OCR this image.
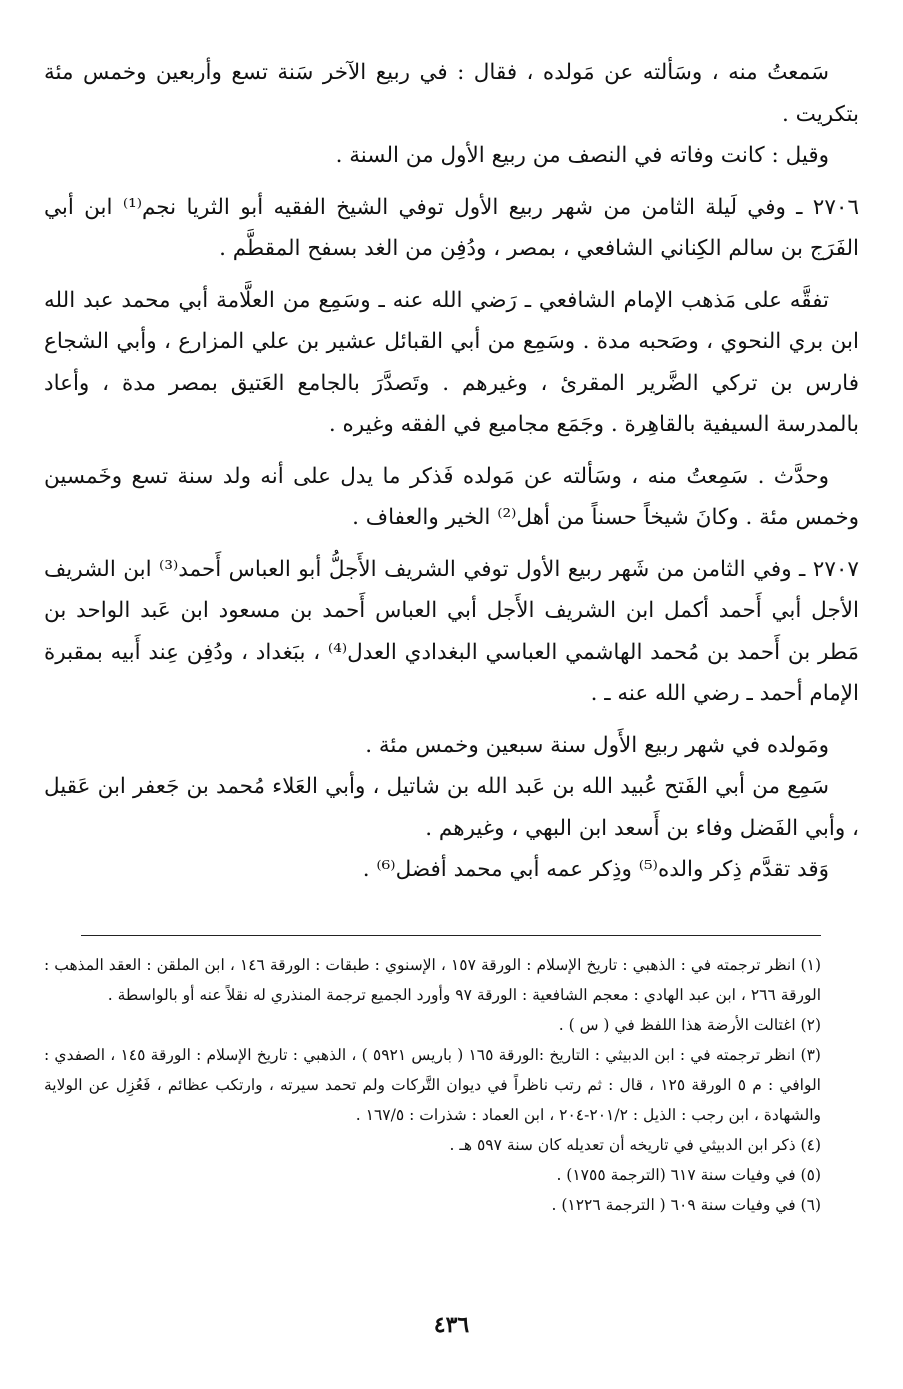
سَمعتُ منه ، وسَألته عن مَولده ، فقال : في ربيع الآخر سَنة تسع وأربعين وخمس مئة بتكريت .

وقيل : كانت وفاته في النصف من ربيع الأول من السنة .

٢٧٠٦ ـ وفي لَيلة الثامن من شهر ربيع الأول توفي الشيخ الفقيه أبو الثريا نجم⁽¹⁾ ابن أبي الفَرَج بن سالم الكِناني الشافعي ، بمصر ، ودُفِن من الغد بسفح المقطَّم .

تفقَّه على مَذهب الإمام الشافعي ـ رَضي الله عنه ـ وسَمِع من العلَّامة أبي محمد عبد الله ابن بري النحوي ، وصَحبه مدة . وسَمِع من أبي القبائل عشير بن علي المزارع ، وأبي الشجاع فارس بن تركي الضَّرير المقرئ ، وغيرهم . وتَصدَّرَ بالجامع العَتيق بمصر مدة ، وأعاد بالمدرسة السيفية بالقاهِرة . وجَمَع مجاميع في الفقه وغيره .

وحدَّث . سَمِعتُ منه ، وسَألته عن مَولده فَذكر ما يدل على أنه ولد سنة تسع وخَمسين وخمس مئة . وكانَ شيخاً حسناً من أهل⁽²⁾ الخير والعفاف .

٢٧٠٧ ـ وفي الثامن من شَهر ربيع الأول توفي الشريف الأَجلُّ أبو العباس أَحمد⁽³⁾ ابن الشريف الأجل أبي أَحمد أكمل ابن الشريف الأَجل أبي العباس أَحمد بن مسعود ابن عَبد الواحد بن مَطر بن أَحمد بن مُحمد الهاشمي العباسي البغدادي العدل⁽⁴⁾ ، ببَغداد ، ودُفِن عِند أَبيه بمقبرة الإمام أحمد ـ رضي الله عنه ـ .

ومَولده في شهر ربيع الأَول سنة سبعين وخمس مئة .

سَمِع من أبي الفَتح عُبيد الله بن عَبد الله بن شاتيل ، وأبي العَلاء مُحمد بن جَعفر ابن عَقيل ، وأبي الفَضل وفاء بن أَسعد ابن البهي ، وغيرهم .

وَقد تقدَّم ذِكر والده⁽⁵⁾ وذِكر عمه أبي محمد أفضل⁽⁶⁾ .

(١) انظر ترجمته في : الذهبي : تاريخ الإسلام : الورقة ١٥٧ ، الإسنوي : طبقات : الورقة ١٤٦ ، ابن الملقن : العقد المذهب : الورقة ٢٦٦ ، ابن عبد الهادي : معجم الشافعية : الورقة ٩٧ وأورد الجميع ترجمة المنذري له نقلاً عنه أو بالواسطة .

(٢) اغتالت الأرضة هذا اللفظ في ( س ) .

(٣) انظر ترجمته في : ابن الدبيثي : التاريخ :الورقة ١٦٥ ( باريس ٥٩٢١ ) ، الذهبي : تاريخ الإسلام : الورقة ١٤٥ ، الصفدي : الوافي : م ٥ الورقة ١٢٥ ، قال : ثم رتب ناظراً في ديوان التَّركات ولم تحمد سيرته ، وارتكب عظائم ، فَعُزِل عن الولاية والشهادة ، ابن رجب : الذيل : ٢٠١/٢-٢٠٤ ، ابن العماد : شذرات : ١٦٧/٥ .

(٤) ذكر ابن الدبيثي في تاريخه أن تعديله كان سنة ٥٩٧ هـ .

(٥) في وفيات سنة ٦١٧ (الترجمة ١٧٥٥) .

(٦) في وفيات سنة ٦٠٩ ( الترجمة ١٢٢٦) .

٤٣٦
